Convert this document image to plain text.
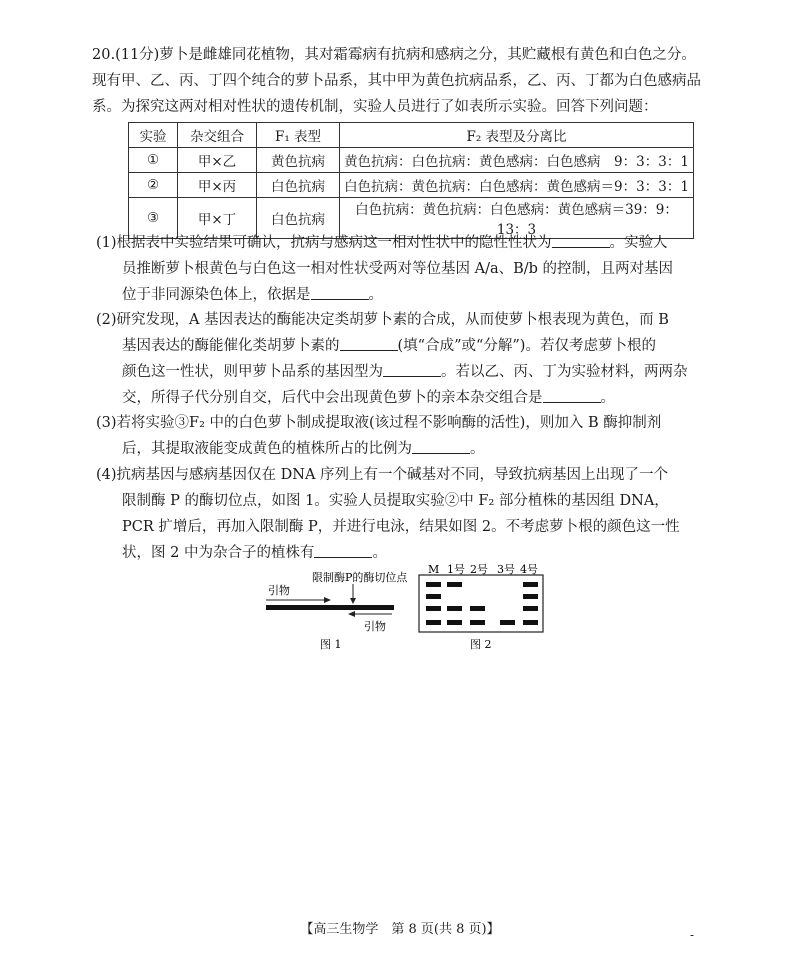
20.(11分)萝卜是雌雄同花植物，其对霜霉病有抗病和感病之分，其贮藏根有黄色和白色之分。
现有甲、乙、丙、丁四个纯合的萝卜品系，其中甲为黄色抗病品系，乙、丙、丁都为白色感病品
系。为探究这两对相对性状的遗传机制，实验人员进行了如表所示实验。回答下列问题：
实验	杂交组合	F₁ 表型	F₂ 表型及分离比
①	甲×乙	黄色抗病	黄色抗病：白色抗病：黄色感病：白色感病　9：3：3：1
②	甲×丙	白色抗病	白色抗病：黄色抗病：白色感病：黄色感病＝9：3：3：1
③	甲×丁	白色抗病	白色抗病：黄色抗病：白色感病：黄色感病＝39：9：13：3
(1)根据表中实验结果可确认，抗病与感病这一相对性状中的隐性性状为	。实验人
员推断萝卜根黄色与白色这一相对性状受两对等位基因 A/a、B/b 的控制，且两对基因
位于非同源染色体上，依据是	。
(2)研究发现，A 基因表达的酶能决定类胡萝卜素的合成，从而使萝卜根表现为黄色，而 B
基因表达的酶能催化类胡萝卜素的	(填“合成”或“分解”)。若仅考虑萝卜根的
颜色这一性状，则甲萝卜品系的基因型为	。若以乙、丙、丁为实验材料，两两杂
交，所得子代分别自交，后代中会出现黄色萝卜的亲本杂交组合是	。
(3)若将实验③F₂ 中的白色萝卜制成提取液(该过程不影响酶的活性)，则加入 B 酶抑制剂
后，其提取液能变成黄色的植株所占的比例为	。
(4)抗病基因与感病基因仅在 DNA 序列上有一个碱基对不同，导致抗病基因上出现了一个
限制酶 P 的酶切位点，如图 1。实验人员提取实验②中 F₂ 部分植株的基因组 DNA，
PCR 扩增后，再加入限制酶 P，并进行电泳，结果如图 2。不考虑萝卜根的颜色这一性
状，图 2 中为杂合子的植株有	。
引物
限制酶P的酶切位点
引物
图 1
M 1号 2号 3号 4号
图 2
【高三生物学　第 8 页(共 8 页)】	-
